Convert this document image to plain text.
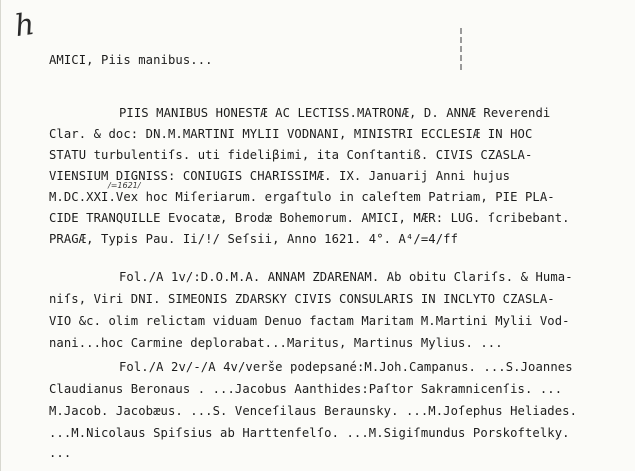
h
AMICI, Piis manibus...
PIIS MANIBUS HONESTÆ AC LECTISS.MATRONÆ, D. ANNÆ Reverendi
Clar. & doc: DN.M.MARTINI MYLII VODNANI, MINISTRI ECCLESIÆ IN HOC
STATU turbulentiſs. uti fideliβimi, ita Conſtantiß. CIVIS CZASLA-
VIENSIUM DIGNISS: CONIUGIS CHARISSIMÆ. IX. Januarij Anni hujus
/=1621/
M.DC.XXI.Vex hoc Miſeriarum. ergaſtulo in caleſtem Patriam, PIE PLA-
CIDE TRANQUILLE Evocatæ, Brodæ Bohemorum. AMICI, MÆR: LUG. ſcribebant.
PRAGÆ, Typis Pau. Ii/!/ Seſsii, Anno 1621. 4°. A⁴/=4/ff
Fol./A 1v/:D.O.M.A. ANNAM ZDARENAM. Ab obitu Clariſs. & Huma-
niſs, Viri DNI. SIMEONIS ZDARSKY CIVIS CONSULARIS IN INCLYTO CZASLA-
VIO &c. olim relictam viduam Denuo factam Maritam M.Martini Mylii Vod-
nani...hoc Carmine deplorabat...Maritus, Martinus Mylius. ...
Fol./A 2v/-/A 4v/verše podepsané:M.Joh.Campanus. ...S.Joannes
Claudianus Beronaus . ...Jacobus Aanthides:Paſtor Sakramnicenſis. ...
M.Jacob. Jacobæus. ...S. Venceſilaus Beraunsky. ...M.Joſephus Heliades.
...M.Nicolaus Spiſsius ab Harttenfelſo. ...M.Sigiſmundus Porskoftelky.
...
